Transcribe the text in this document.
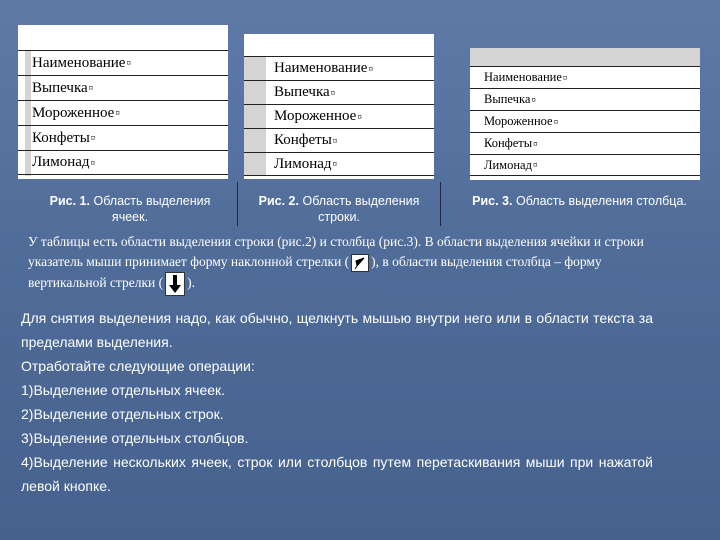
Наименование ¤
Выпечка ¤
Мороженное ¤
Конфеты ¤
Лимонад ¤
Наименование ¤
Выпечка ¤
Мороженное ¤
Конфеты ¤
Лимонад ¤
Наименование ¤
Выпечка ¤
Мороженное ¤
Конфеты ¤
Лимонад ¤
Рис. 1. Область выделения ячеек.
Рис. 2. Область выделения строки.
Рис. 3. Область выделения столбца.
У таблицы есть области выделения строки (рис.2) и столбца (рис.3). В области выделения ячейки и строки указатель мыши принимает форму наклонной стрелки ( ), в области выделения столбца – форму вертикальной стрелки ( ).

Для снятия выделения надо, как обычно, щелкнуть мышью внутри него или в области текста за пределами выделения.

Отработайте следующие операции:

1)Выделение отдельных ячеек.

2)Выделение отдельных строк.

3)Выделение отдельных столбцов.

4)Выделение нескольких ячеек, строк или столбцов путем перетаскивания мыши при нажатой левой кнопке.
